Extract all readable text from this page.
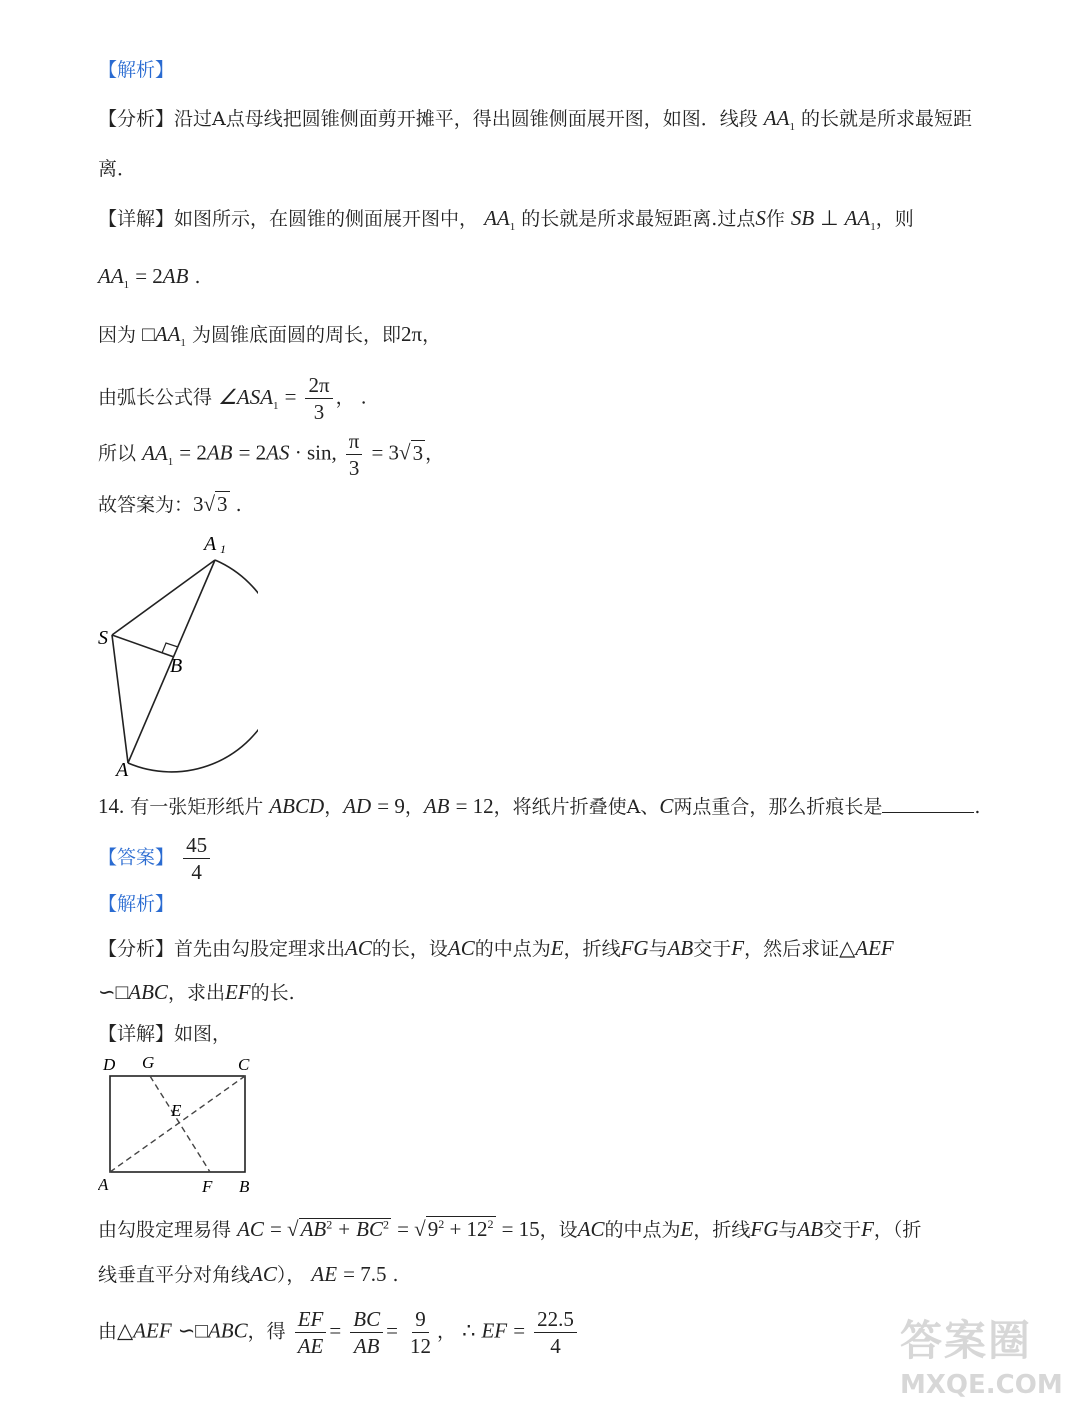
【解析】
【分析】沿过A点母线把圆锥侧面剪开摊平，得出圆锥侧面展开图，如图．线段 $AA_1$ 的长就是所求最短距
离．
【详解】如图所示，在圆锥的侧面展开图中， $AA_1$ 的长就是所求最短距离.过点S作 SB ⊥ $AA_1$，则
$AA_1 = 2AB$ .
因为 $□AA_1$ 为圆锥底面圆的周长，即2π，
由弧长公式得 $\angle ASA_1 = \frac{2\pi}{3}$ ， .
所以 $AA_1 = 2AB = 2AS \cdot \sin$, $\frac{\pi}{3} = 3√3$ ，
故答案为：3√3 .
A 1
S
B
A
14. 有一张矩形纸片 ABCD，AD = 9，AB = 12，将纸片折叠使A、C两点重合，那么折痕长是	.
【答案】 $\frac{45}{4}$
【解析】
【分析】首先由勾股定理求出AC的长，设AC的中点为E，折线FG与AB交于F，然后求证△AEF
∽□ABC，求出EF的长.
【详解】如图，
D G	C
E
A	F B
由勾股定理易得 AC = $√AB^2 + BC^2 = √9^2 + 12^2 = 15$，设AC的中点为E，折线FG与AB交于F，（折
线垂直平分对角线AC）， AE = 7.5 .
由△AEF ∽□ABC，得 $\frac{EF}{AE} = \frac{BC}{AB} = \frac{9}{12}$ ， ∴ EF = $\frac{22.5}{4}$	答案圈
MXQE.COM
